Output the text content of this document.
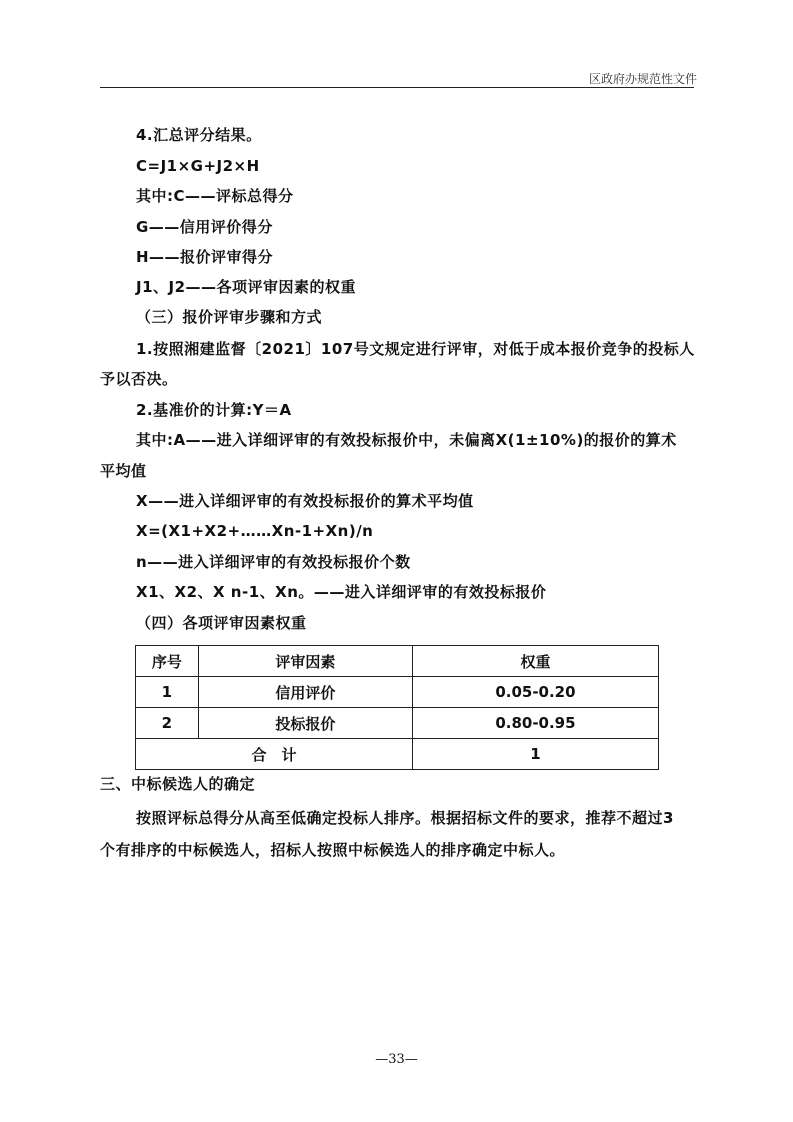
区政府办规范性文件
4.汇总评分结果。
C=J1×G+J2×H
其中:C——评标总得分
G——信用评价得分
H——报价评审得分
J1、J2——各项评审因素的权重
（三）报价评审步骤和方式
1.按照湘建监督〔2021〕107号文规定进行评审，对低于成本报价竞争的投标人
予以否决。
2.基准价的计算:Y＝A
其中:A——进入详细评审的有效投标报价中，未偏离X(1±10%)的报价的算术
平均值
X——进入详细评审的有效投标报价的算术平均值
X=(X1+X2+……Xn-1+Xn)/n
n——进入详细评审的有效投标报价个数
X1、X2、X n-1、Xn。——进入详细评审的有效投标报价
（四）各项评审因素权重
序号	评审因素	权重
1	信用评价	0.05-0.20
2	投标报价	0.80-0.95
合　计		1
三、中标候选人的确定
按照评标总得分从高至低确定投标人排序。根据招标文件的要求，推荐不超过3
个有排序的中标候选人，招标人按照中标候选人的排序确定中标人。
—33—
